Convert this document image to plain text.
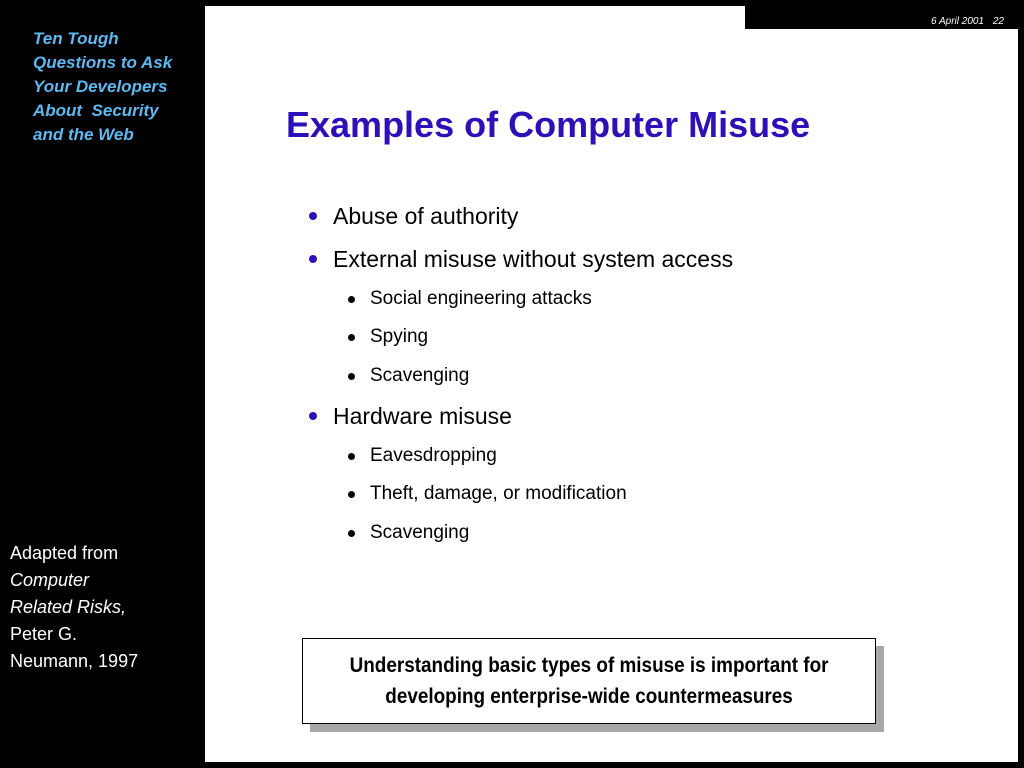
Ten Tough
Questions to Ask
Your Developers
About  Security
and the Web
Adapted from
Computer
Related Risks,
Peter G.
Neumann, 1997
6 April 2001 22
Examples of Computer Misuse
Abuse of authority
External misuse without system access
Social engineering attacks
Spying
Scavenging
Hardware misuse
Eavesdropping
Theft, damage, or modification
Scavenging
Understanding basic types of misuse is important for
developing enterprise-wide countermeasures
